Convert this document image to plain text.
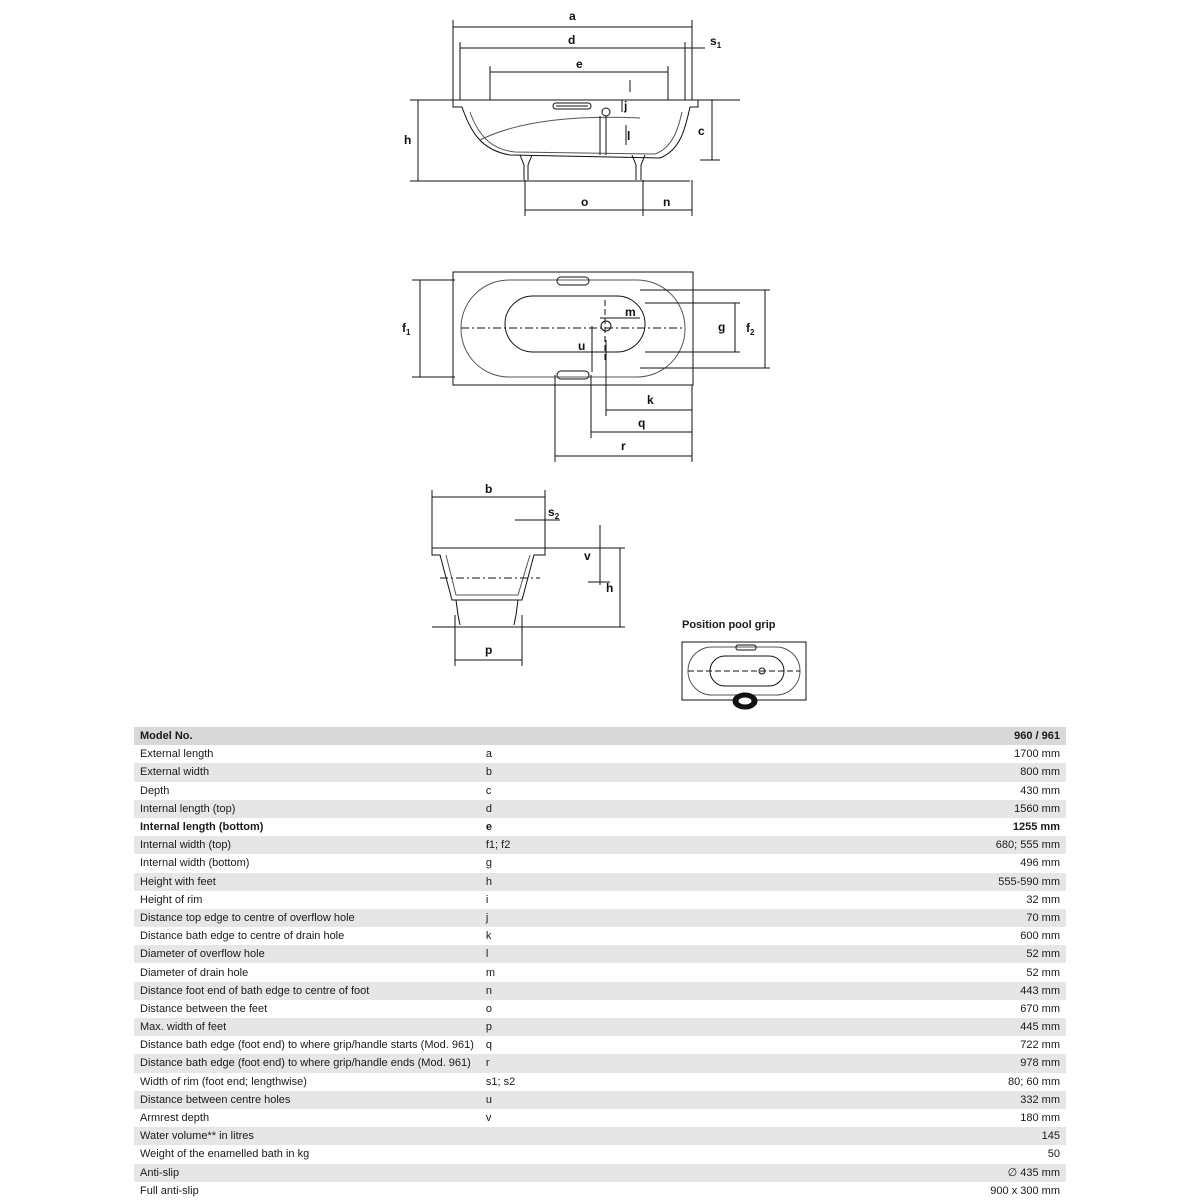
a
d
e
$s_1$
h
c
j
l
o	n
$f_1$	$f_2$
g
m
u
k
q
r
b
$s_2$
v
h
p
Position pool grip
Model No.		960 / 961
External length	a	1700 mm
External width	b	800 mm
Depth	c	430 mm
Internal length (top)	d	1560 mm
Internal length (bottom)	e	1255 mm
Internal width (top)	f1; f2	680; 555 mm
Internal width (bottom)	g	496 mm
Height with feet	h	555-590 mm
Height of rim	i	32 mm
Distance top edge to centre of overflow hole	j	70 mm
Distance bath edge to centre of drain hole	k	600 mm
Diameter of overflow hole	l	52 mm
Diameter of drain hole	m	52 mm
Distance foot end of bath edge to centre of foot	n	443 mm
Distance between the feet	o	670 mm
Max. width of feet	p	445 mm
Distance bath edge (foot end) to where grip/handle starts (Mod. 961)	q	722 mm
Distance bath edge (foot end) to where grip/handle ends (Mod. 961)	r	978 mm
Width of rim (foot end; lengthwise)	s1; s2	80; 60 mm
Distance between centre holes	u	332 mm
Armrest depth	v	180 mm
Water volume** in litres		145
Weight of the enamelled bath in kg		50
Anti-slip		∅ 435 mm
Full anti-slip		900 x 300 mm
